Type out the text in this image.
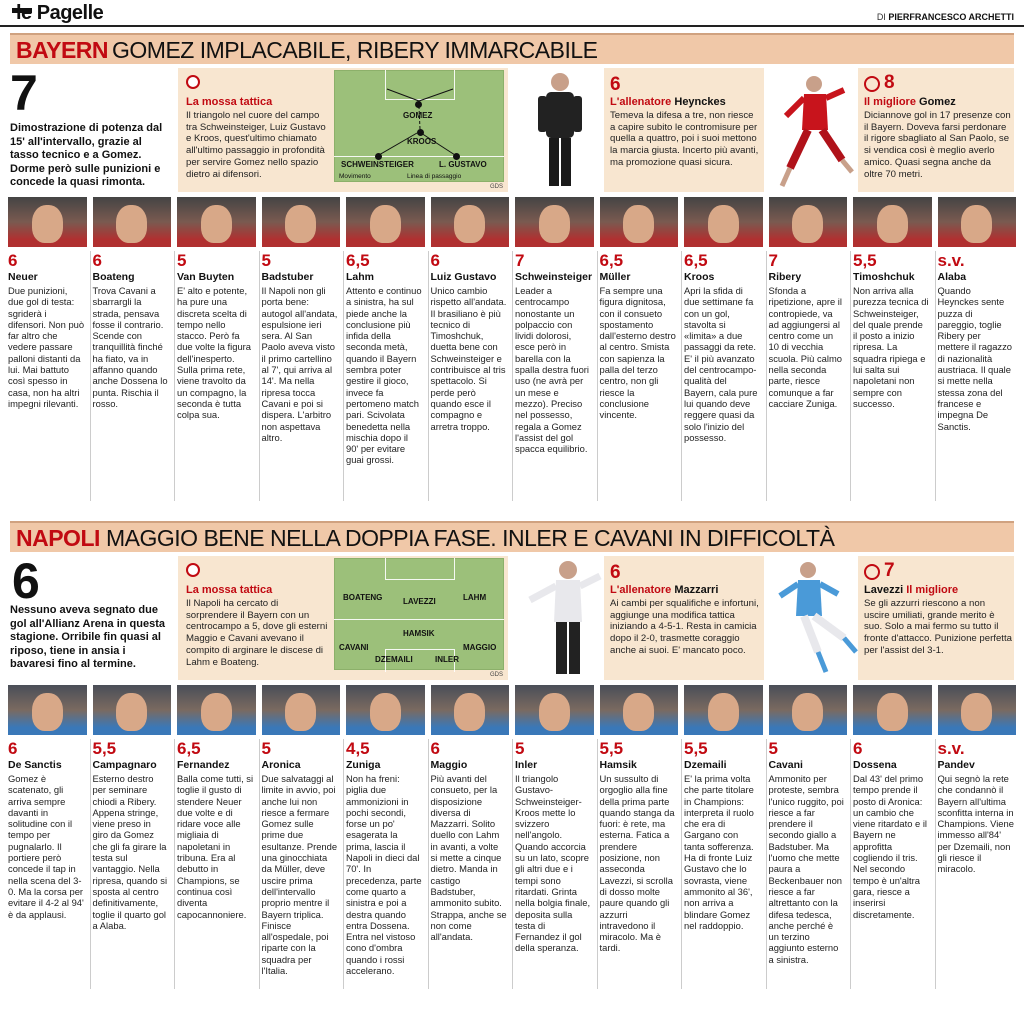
le Pagelle	DI PIERFRANCESCO ARCHETTI
BAYERN GOMEZ IMPLACABILE, RIBERY IMMARCABILE
7
Dimostrazione di potenza dal 15' all'intervallo, grazie al tasso tecnico e a Gomez. Dorme però sulle punizioni e concede la quasi rimonta.
La mossa tattica
Il triangolo nel cuore del campo tra Schweinsteiger, Luiz Gustavo e Kroos, quest'ultimo chiamato all'ultimo passaggio in profondità per servire Gomez nello spazio dietro ai difensori.
GOMEZ
KROOS
SCHWEINSTEIGER	L. GUSTAVO
Movimento	Linea di passaggio
GDS
6
L'allenatore Heynckes
Temeva la difesa a tre, non riesce a capire subito le contromisure per quella a quattro, poi i suoi mettono la marcia giusta. Incerto più avanti, ma promozione quasi sicura.
8
Il migliore Gomez
Diciannove gol in 17 presenze con il Bayern. Doveva farsi perdonare il rigore sbagliato al San Paolo, se si vendica così è meglio averlo amico. Quasi segna anche da oltre 70 metri.
6
Neuer
Due punizioni, due gol di testa: sgriderà i difensori. Non può far altro che vedere passare palloni distanti da lui. Mai battuto così spesso in casa, non ha altri impegni rilevanti.
6
Boateng
Trova Cavani a sbarrargli la strada, pensava fosse il contrario. Scende con tranquillità finché ha fiato, va in affanno quando anche Dossena lo punta. Rischia il rosso.
5
Van Buyten
E' alto e potente, ha pure una discreta scelta di tempo nello stacco. Però fa due volte la figura dell'inesperto. Sulla prima rete, viene travolto da un compagno, la seconda è tutta colpa sua.
5
Badstuber
Il Napoli non gli porta bene: autogol all'andata, espulsione ieri sera. Al San Paolo aveva visto il primo cartellino al 7', qui arriva al 14'. Ma nella ripresa tocca Cavani e poi si dispera. L'arbitro non aspettava altro.
6,5
Lahm
Attento e continuo a sinistra, ha sul piede anche la conclusione più infida della seconda metà, quando il Bayern sembra poter gestire il gioco, invece fa pertomeno match pari. Scivolata benedetta nella mischia dopo il 90' per evitare guai grossi.
6
Luiz Gustavo
Unico cambio rispetto all'andata. Il brasiliano è più tecnico di Timoshchuk, duetta bene con Schweinsteiger e contribuisce al tris spettacolo. Si perde però quando esce il compagno e arretra troppo.
7
Schweinsteiger
Leader a centrocampo nonostante un polpaccio con lividi dolorosi, esce però in barella con la spalla destra fuori uso (ne avrà per un mese e mezzo). Preciso nel possesso, regala a Gomez l'assist del gol spacca equilibrio.
6,5
Müller
Fa sempre una figura dignitosa, con il consueto spostamento dall'esterno destro al centro. Smista con sapienza la palla del terzo centro, non gli riesce la conclusione vincente.
6,5
Kroos
Apri la sfida di due settimane fa con un gol, stavolta si «limita» a due passaggi da rete. E' il più avanzato del centrocampo-qualità del Bayern, cala pure lui quando deve reggere quasi da solo l'inizio del possesso.
7
Ribery
Sfonda a ripetizione, apre il contropiede, va ad aggiungersi al centro come un 10 di vecchia scuola. Più calmo nella seconda parte, riesce comunque a far cacciare Zuniga.
5,5
Timoshchuk
Non arriva alla purezza tecnica di Schweinsteiger, del quale prende il posto a inizio ripresa. La squadra ripiega e lui salta sui napoletani non sempre con successo.
s.v.
Alaba
Quando Heynckes sente puzza di pareggio, toglie Ribery per mettere il ragazzo di nazionalità austriaca. Il quale si mette nella stessa zona del francese e impegna De Sanctis.
NAPOLI MAGGIO BENE NELLA DOPPIA FASE. INLER E CAVANI IN DIFFICOLTÀ
6
Nessuno aveva segnato due gol all'Allianz Arena in questa stagione. Orribile fin quasi al riposo, tiene in ansia i bavaresi fino al termine.
La mossa tattica
Il Napoli ha cercato di sorprendere il Bayern con un centrocampo a 5, dove gli esterni Maggio e Cavani avevano il compito di arginare le discese di Lahm e Boateng.
BOATENG	LAVEZZI	LAHM
HAMSIK
CAVANI
DZEMAILI	INLER
MAGGIO
GDS
6
L'allenatore Mazzarri
Ai cambi per squalifiche e infortuni, aggiunge una modifica tattica iniziando a 4-5-1. Resta in camicia dopo il 2-0, trasmette coraggio anche ai suoi. E' mancato poco.
7
Lavezzi Il migliore
Se gli azzurri riescono a non uscire umiliati, grande merito è suo. Solo a mai fermo su tutto il fronte d'attacco. Punizione perfetta per l'assist del 3-1.
6
De Sanctis
Gomez è scatenato, gli arriva sempre davanti in solitudine con il tempo per pugnalarlo. Il portiere però concede il tap in nella scena del 3-0. Ma la corsa per evitare il 4-2 al 94' è da applausi.
5,5
Campagnaro
Esterno destro per seminare chiodi a Ribery. Appena stringe, viene preso in giro da Gomez che gli fa girare la testa sul vantaggio. Nella ripresa, quando si sposta al centro definitivamente, toglie il quarto gol a Alaba.
6,5
Fernandez
Balla come tutti, si toglie il gusto di stendere Neuer due volte e di ridare voce alle migliaia di napoletani in tribuna. Era al debutto in Champions, se continua così diventa capocannoniere.
5
Aronica
Due salvataggi al limite in avvio, poi anche lui non riesce a fermare Gomez sulle prime due esultanze. Prende una ginocchiata da Müller, deve uscire prima dell'intervallo proprio mentre il Bayern triplica. Finisce all'ospedale, poi riparte con la squadra per l'Italia.
4,5
Zuniga
Non ha freni: piglia due ammonizioni in pochi secondi, forse un po' esagerata la prima, lascia il Napoli in dieci dal 70'. In precedenza, parte come quarto a sinistra e poi a destra quando entra Dossena. Entra nel vistoso cono d'ombra quando i rossi accelerano.
6
Maggio
Più avanti del consueto, per la disposizione diversa di Mazzarri. Solito duello con Lahm in avanti, a volte si mette a cinque dietro. Manda in castigo Badstuber, ammonito subito. Strappa, anche se non come all'andata.
5
Inler
Il triangolo Gustavo-Schweinsteiger-Kroos mette lo svizzero nell'angolo. Quando accorcia su un lato, scopre gli altri due e i tempi sono ritardati. Grinta nella bolgia finale, deposita sulla testa di Fernandez il gol della speranza.
5,5
Hamsik
Un sussulto di orgoglio alla fine della prima parte quando stanga da fuori: è rete, ma esterna. Fatica a prendere posizione, non asseconda Lavezzi, si scrolla di dosso molte paure quando gli azzurri intravedono il miracolo. Ma è tardi.
5,5
Dzemaili
E' la prima volta che parte titolare in Champions: interpreta il ruolo che era di Gargano con tanta sofferenza. Ha di fronte Luiz Gustavo che lo sovrasta, viene ammonito al 36', non arriva a blindare Gomez nel raddoppio.
5
Cavani
Ammonito per proteste, sembra l'unico ruggito, poi riesce a far prendere il secondo giallo a Badstuber. Ma l'uomo che mette paura a Beckenbauer non riesce a far altrettanto con la difesa tedesca, anche perché è un terzino aggiunto esterno a sinistra.
6
Dossena
Dal 43' del primo tempo prende il posto di Aronica: un cambio che viene ritardato e il Bayern ne approfitta cogliendo il tris. Nel secondo tempo è un'altra gara, riesce a inserirsi discretamente.
s.v.
Pandev
Qui segnò la rete che condannò il Bayern all'ultima sconfitta interna in Champions. Viene immesso all'84' per Dzemaili, non gli riesce il miracolo.
